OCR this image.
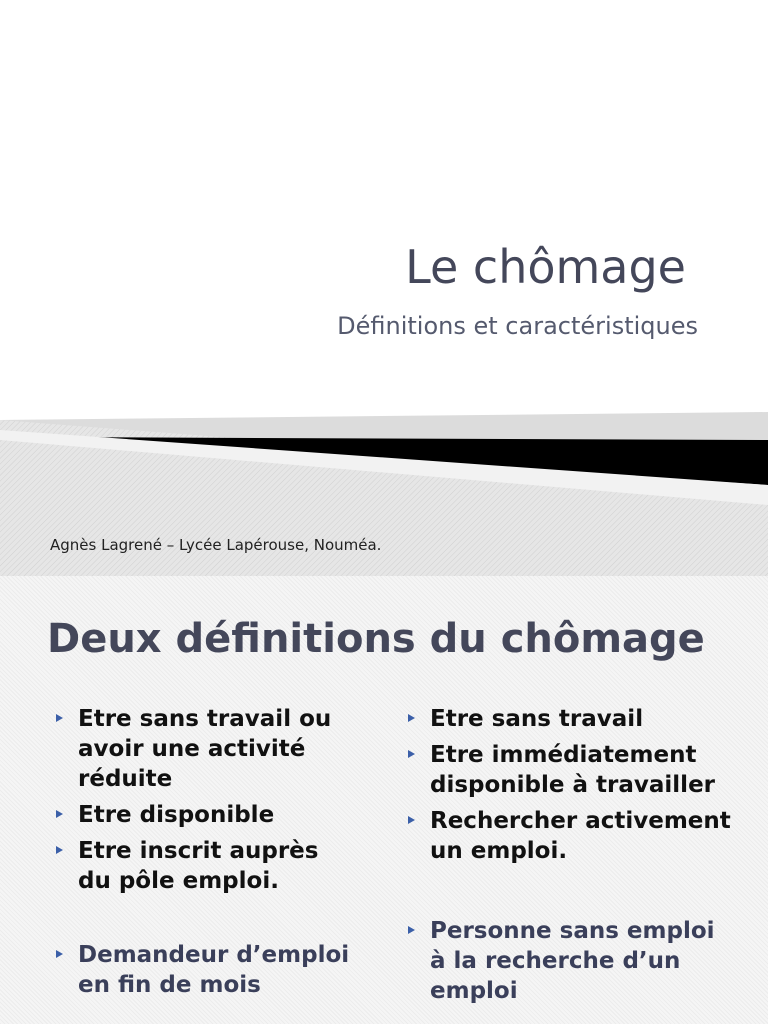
Le chômage

Définitions et caractéristiques

Agnès Lagrené – Lycée Lapérouse, Nouméa.

Deux définitions du chômage
Etre sans travail ou avoir une activité réduite
Etre disponible
Etre inscrit auprès du pôle emploi.
Demandeur d’emploi en fin de mois
Etre sans travail
Etre immédiatement disponible à travailler
Rechercher activement un emploi.
Personne sans emploi à la recherche d’un emploi
